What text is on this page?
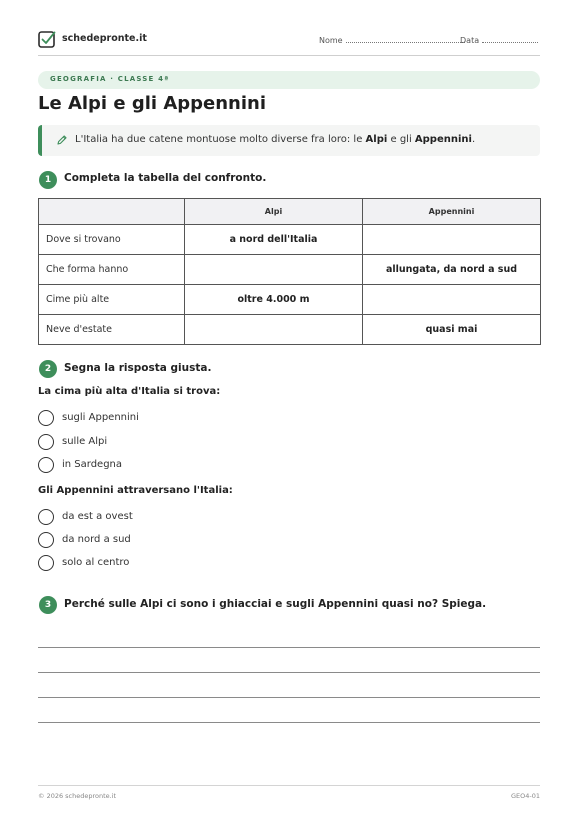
schedepronte.it	Nome	Data
GEOGRAFIA · CLASSE 4ª
Le Alpi e gli Appennini
L'Italia ha due catene montuose molto diverse fra loro: le Alpi e gli Appennini.
1	Completa la tabella del confronto.
	Alpi	Appennini
Dove si trovano	a nord dell'Italia	
Che forma hanno		allungata, da nord a sud
Cime più alte	oltre 4.000 m	
Neve d'estate		quasi mai
2	Segna la risposta giusta.
La cima più alta d'Italia si trova:
sugli Appennini
sulle Alpi
in Sardegna
Gli Appennini attraversano l'Italia:
da est a ovest
da nord a sud
solo al centro
3	Perché sulle Alpi ci sono i ghiacciai e sugli Appennini quasi no? Spiega.
© 2026 schedepronte.it	GEO4-01
